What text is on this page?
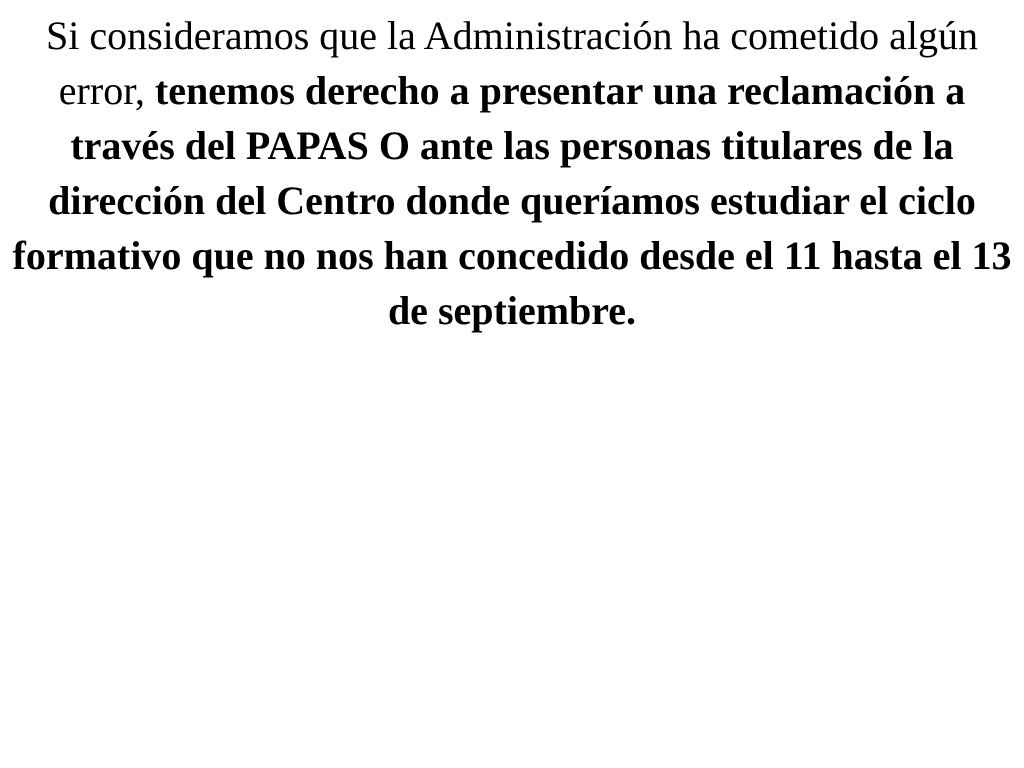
Si consideramos que la Administración ha cometido algún error, tenemos derecho a presentar una reclamación a través del PAPAS O ante las personas titulares de la dirección del Centro donde queríamos estudiar el ciclo formativo que no nos han concedido desde el 11 hasta el 13 de septiembre.
